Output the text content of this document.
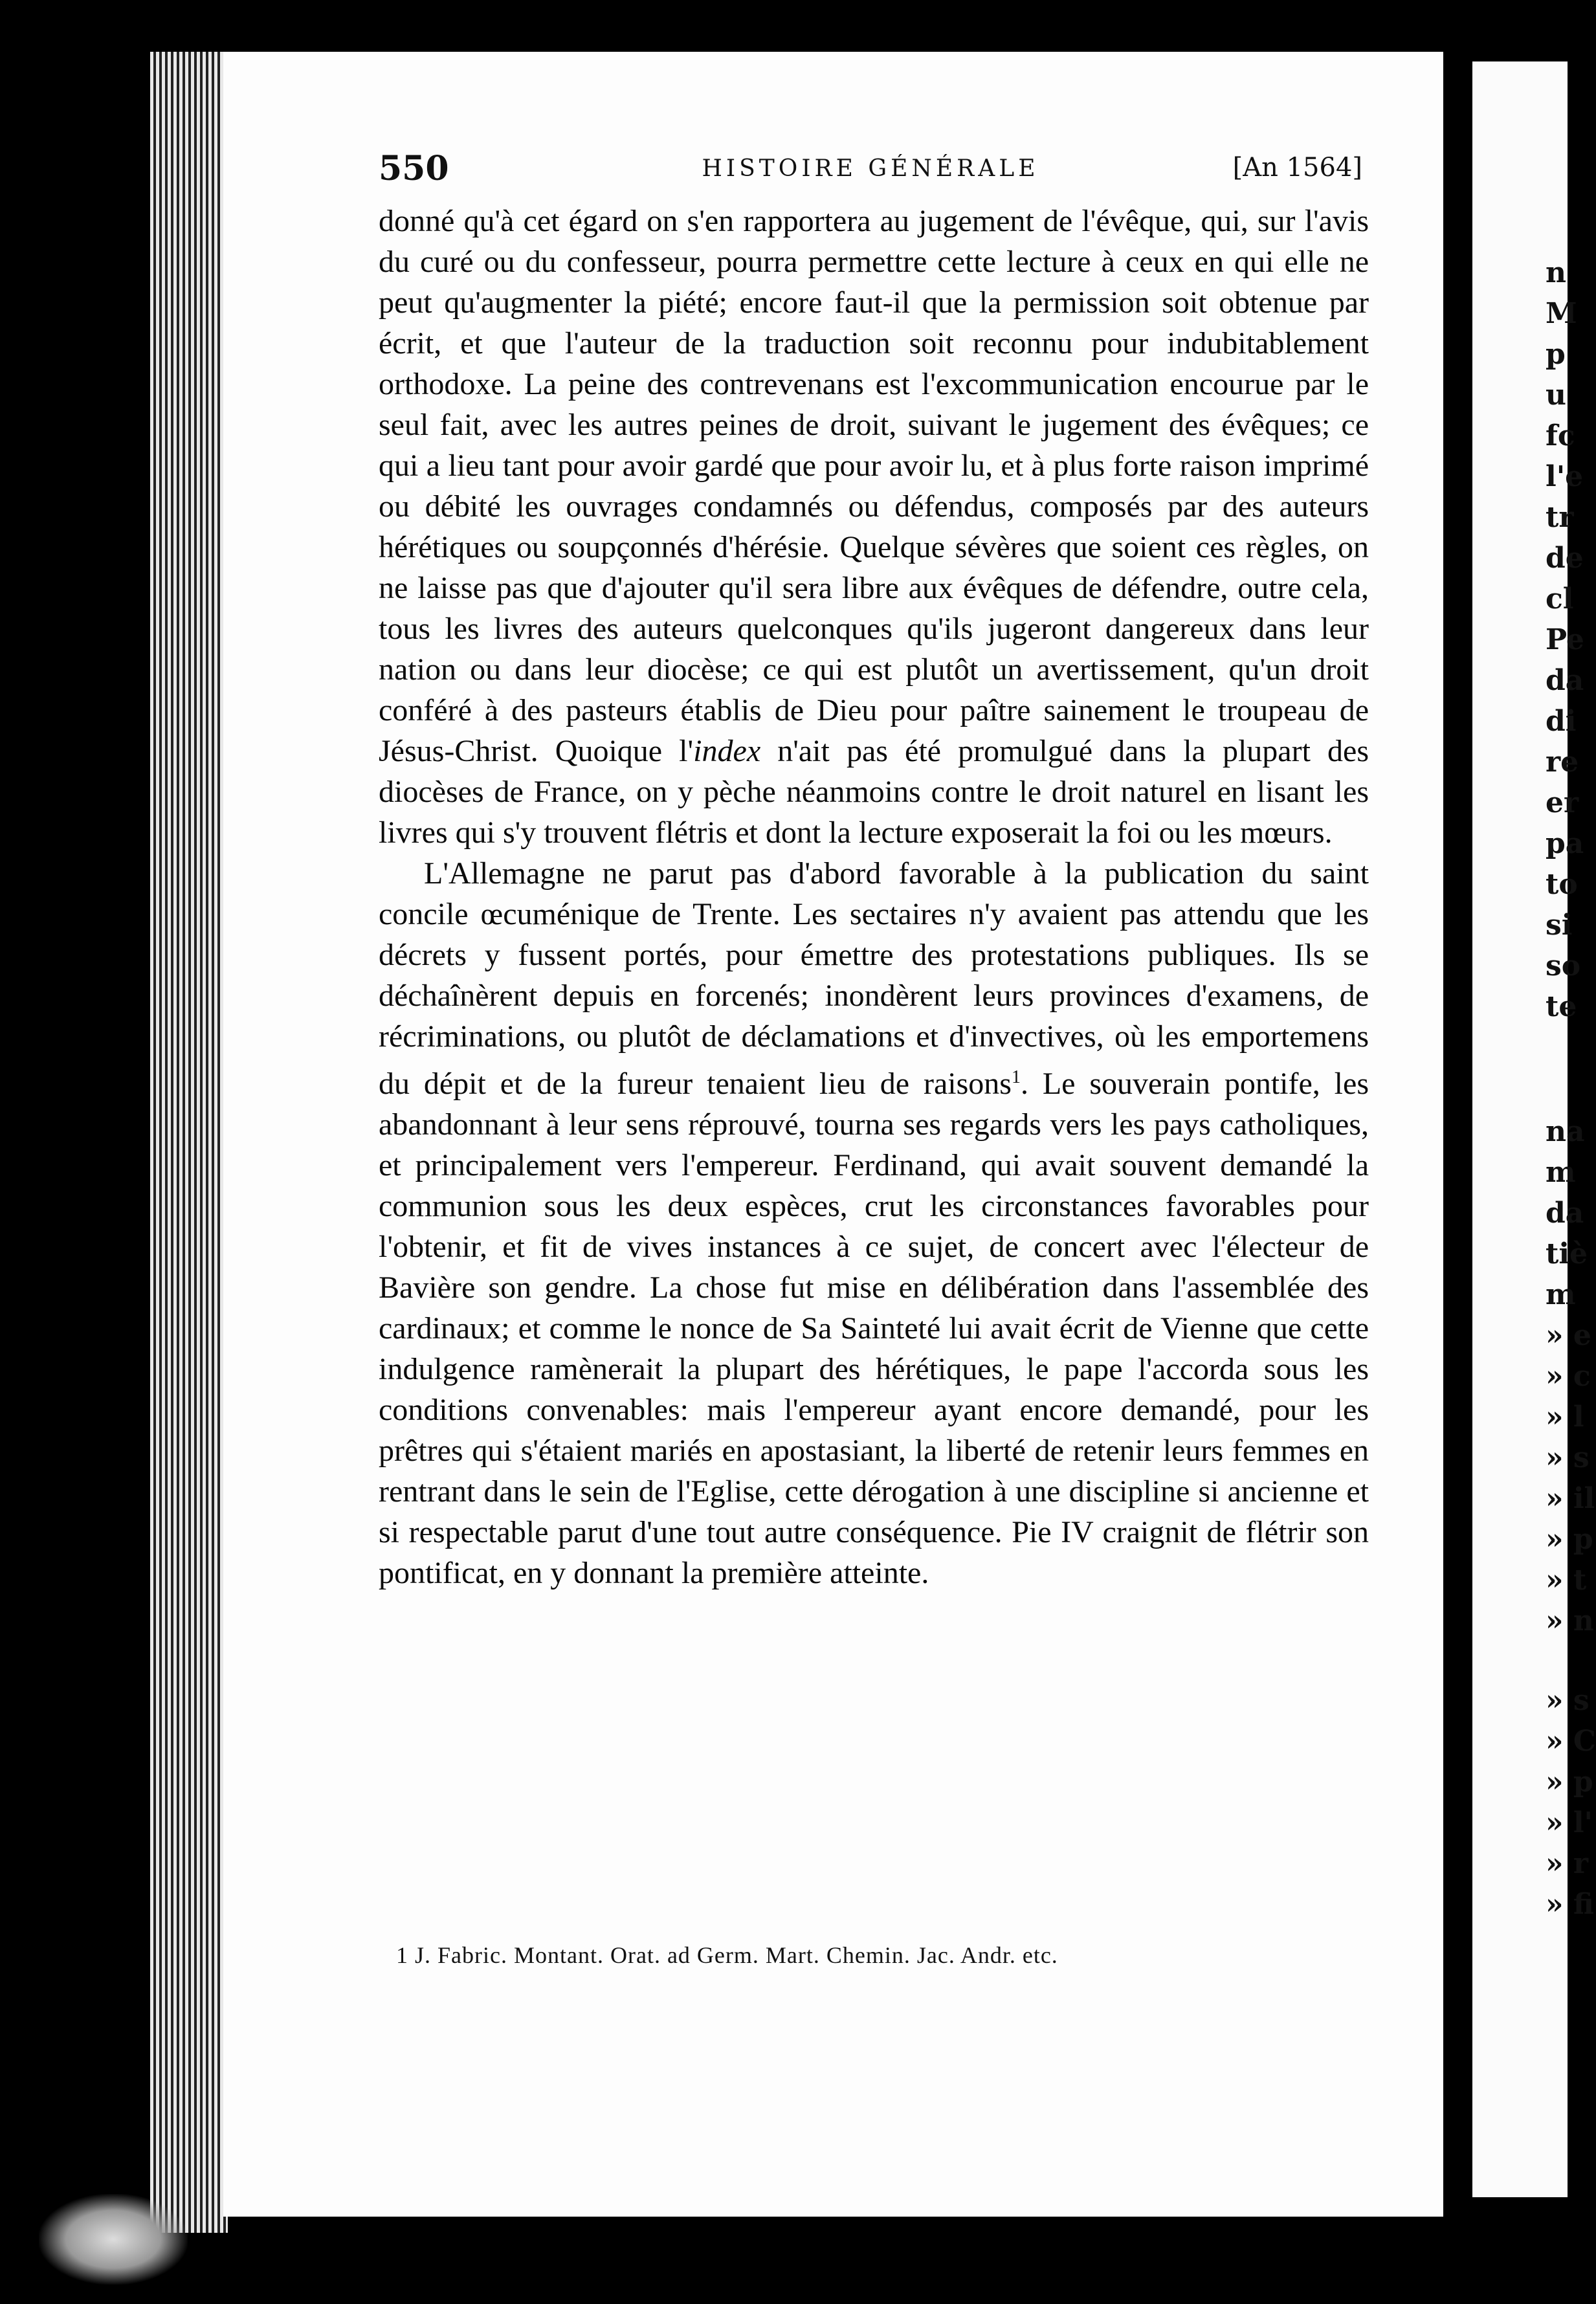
n
M
p
u
fc
l'e
tr
de
cl
Pe
da
di
re
er
pa
to
si
so
te
na
m
da
tiè
m
» e
» c
» l
» s
» il
» p
» t
» n
» s
» C
» p
» l'
» r
» fi
550	HISTOIRE GÉNÉRALE	[An 1564]

donné qu'à cet égard on s'en rapportera au jugement de l'évêque, qui, sur l'avis du curé ou du confesseur, pourra permettre cette lecture à ceux en qui elle ne peut qu'augmenter la piété; encore faut-il que la permission soit obtenue par écrit, et que l'auteur de la traduction soit reconnu pour indubitablement orthodoxe. La peine des contrevenans est l'excommunication encourue par le seul fait, avec les autres peines de droit, suivant le jugement des évêques; ce qui a lieu tant pour avoir gardé que pour avoir lu, et à plus forte raison imprimé ou débité les ouvrages condamnés ou défendus, composés par des auteurs hérétiques ou soupçonnés d'hérésie. Quelque sévères que soient ces règles, on ne laisse pas que d'ajouter qu'il sera libre aux évêques de défendre, outre cela, tous les livres des auteurs quelconques qu'ils jugeront dangereux dans leur nation ou dans leur diocèse; ce qui est plutôt un avertissement, qu'un droit conféré à des pasteurs établis de Dieu pour paître sainement le troupeau de Jésus-Christ. Quoique l'index n'ait pas été promulgué dans la plupart des diocèses de France, on y pèche néanmoins contre le droit naturel en lisant les livres qui s'y trouvent flétris et dont la lecture exposerait la foi ou les mœurs.

L'Allemagne ne parut pas d'abord favorable à la publication du saint concile œcuménique de Trente. Les sectaires n'y avaient pas attendu que les décrets y fussent portés, pour émettre des protestations publiques. Ils se déchaînèrent depuis en forcenés; inondèrent leurs provinces d'examens, de récriminations, ou plutôt de déclamations et d'invectives, où les emportemens du dépit et de la fureur tenaient lieu de raisons$^1$. Le souverain pontife, les abandonnant à leur sens réprouvé, tourna ses regards vers les pays catholiques, et principalement vers l'empereur. Ferdinand, qui avait souvent demandé la communion sous les deux espèces, crut les circonstances favorables pour l'obtenir, et fit de vives instances à ce sujet, de concert avec l'électeur de Bavière son gendre. La chose fut mise en délibération dans l'assemblée des cardinaux; et comme le nonce de Sa Sainteté lui avait écrit de Vienne que cette indulgence ramènerait la plupart des hérétiques, le pape l'accorda sous les conditions convenables: mais l'empereur ayant encore demandé, pour les prêtres qui s'étaient mariés en apostasiant, la liberté de retenir leurs femmes en rentrant dans le sein de l'Eglise, cette dérogation à une discipline si ancienne et si respectable parut d'une tout autre conséquence. Pie IV craignit de flétrir son pontificat, en y donnant la première atteinte.

1 J. Fabric. Montant. Orat. ad Germ. Mart. Chemin. Jac. Andr. etc.
